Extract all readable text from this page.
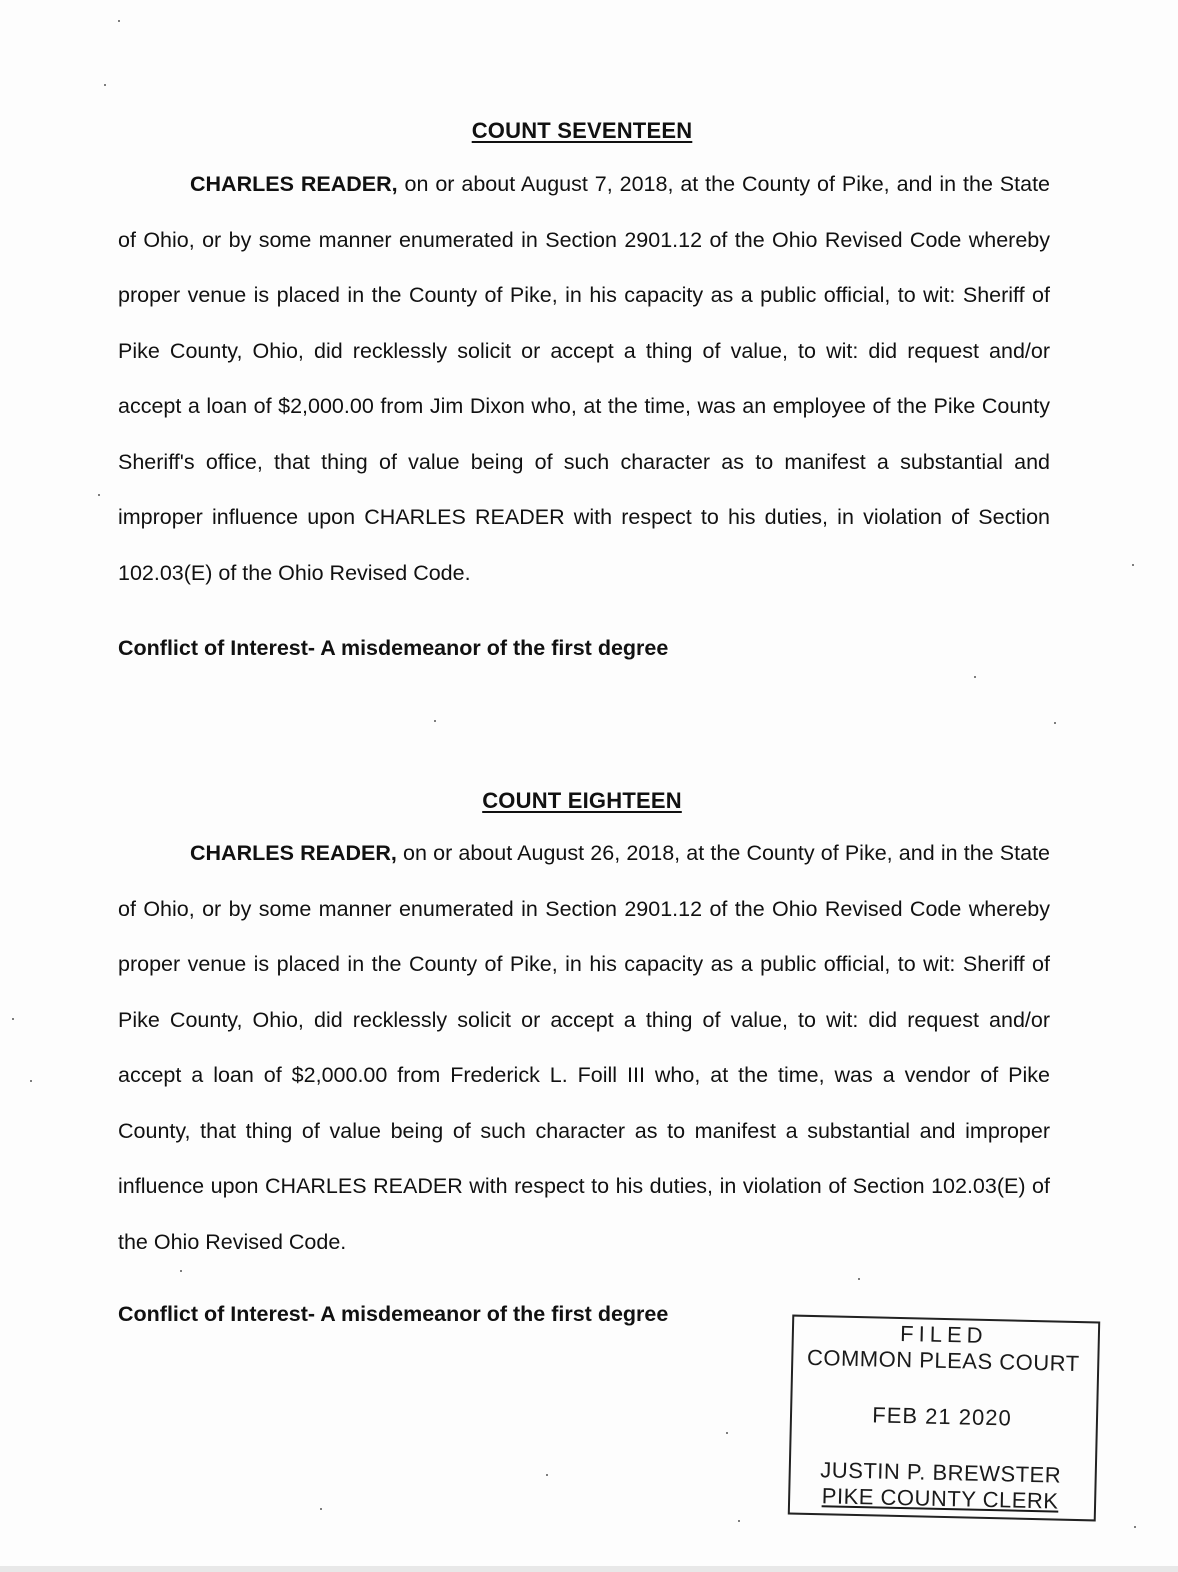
COUNT SEVENTEEN

CHARLES READER, on or about August 7, 2018, at the County of Pike, and in the State of Ohio, or by some manner enumerated in Section 2901.12 of the Ohio Revised Code whereby proper venue is placed in the County of Pike, in his capacity as a public official, to wit: Sheriff of Pike County, Ohio, did recklessly solicit or accept a thing of value, to wit: did request and/or accept a loan of $2,000.00 from Jim Dixon who, at the time, was an employee of the Pike County Sheriff's office, that thing of value being of such character as to manifest a substantial and improper influence upon CHARLES READER with respect to his duties, in violation of Section 102.03(E) of the Ohio Revised Code.

Conflict of Interest- A misdemeanor of the first degree
COUNT EIGHTEEN

CHARLES READER, on or about August 26, 2018, at the County of Pike, and in the State of Ohio, or by some manner enumerated in Section 2901.12 of the Ohio Revised Code whereby proper venue is placed in the County of Pike, in his capacity as a public official, to wit: Sheriff of Pike County, Ohio, did recklessly solicit or accept a thing of value, to wit: did request and/or accept a loan of $2,000.00 from Frederick L. Foill III who, at the time, was a vendor of Pike County, that thing of value being of such character as to manifest a substantial and improper influence upon CHARLES READER with respect to his duties, in violation of Section 102.03(E) of the Ohio Revised Code.

Conflict of Interest- A misdemeanor of the first degree
FILED
COMMON PLEAS COURT
FEB 21 2020
JUSTIN P. BREWSTER
PIKE COUNTY CLERK
